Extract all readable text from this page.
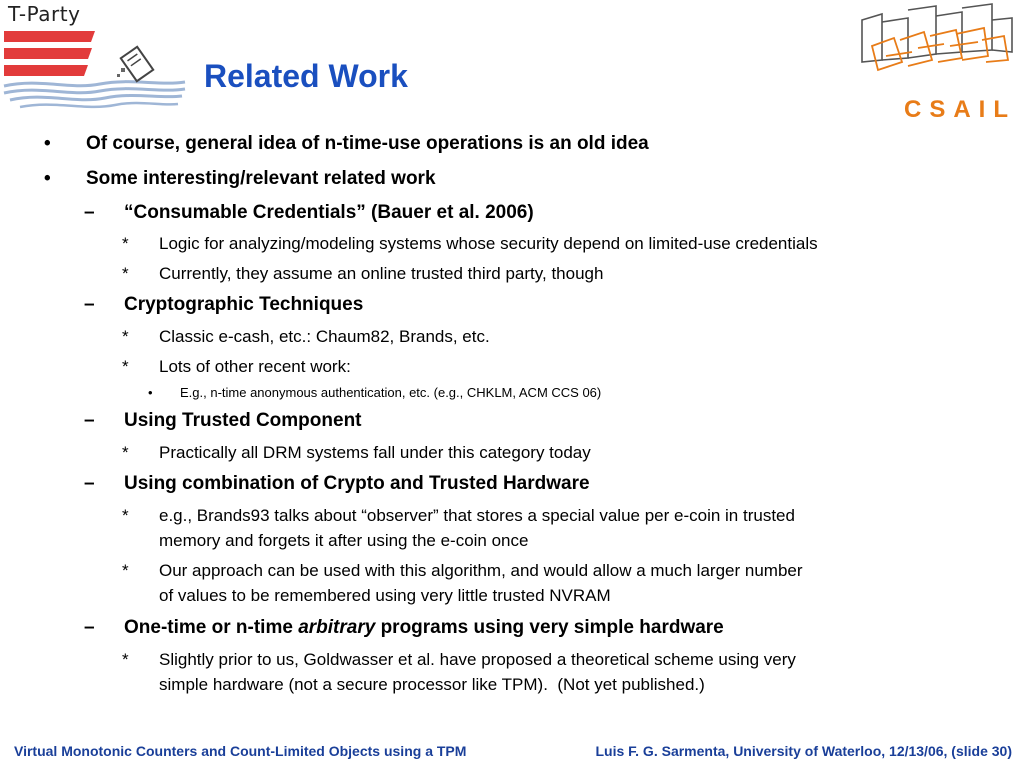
T-Party
Related Work
CSAIL
• Of course, general idea of n-time-use operations is an old idea
• Some interesting/relevant related work
– “Consumable Credentials” (Bauer et al. 2006)
* Logic for analyzing/modeling systems whose security depend on limited-use credentials
* Currently, they assume an online trusted third party, though
– Cryptographic Techniques
* Classic e-cash, etc.: Chaum82, Brands, etc.
* Lots of other recent work:
• E.g., n-time anonymous authentication, etc. (e.g., CHKLM, ACM CCS 06)
– Using Trusted Component
* Practically all DRM systems fall under this category today
– Using combination of Crypto and Trusted Hardware
* e.g., Brands93 talks about “observer” that stores a special value per e-coin in trusted
memory and forgets it after using the e-coin once
* Our approach can be used with this algorithm, and would allow a much larger number
of values to be remembered using very little trusted NVRAM
– One-time or n-time arbitrary programs using very simple hardware
* Slightly prior to us, Goldwasser et al. have proposed a theoretical scheme using very
simple hardware (not a secure processor like TPM).  (Not yet published.)
Virtual Monotonic Counters and Count-Limited Objects using a TPM	Luis F. G. Sarmenta, University of Waterloo, 12/13/06, (slide 30)
